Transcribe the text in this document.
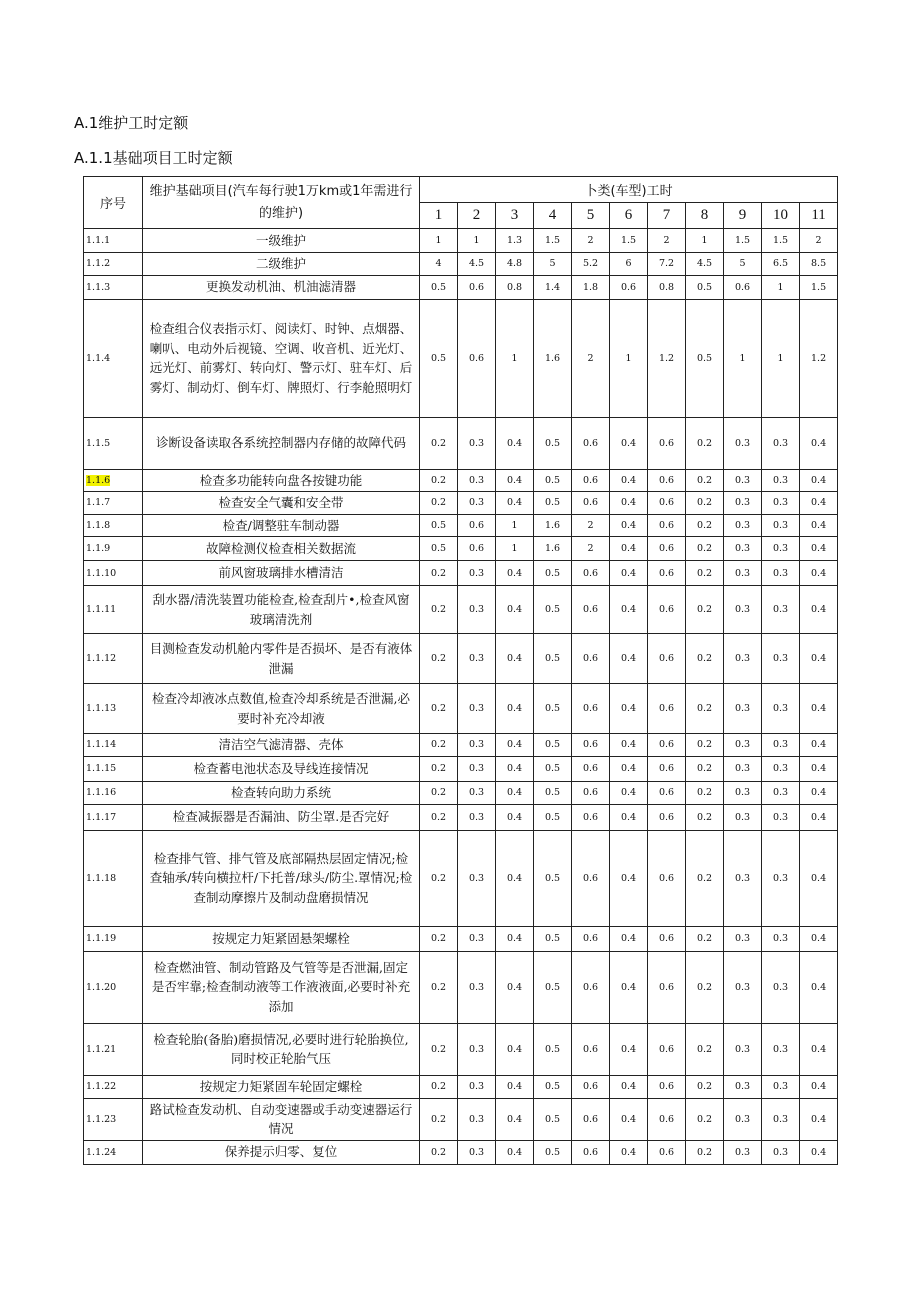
A.1维护工时定额
A.1.1基础项目工时定额
序号	维护基础项目(汽车每行驶1万km或1年需进行的维护)	卜类(车型)工时										
		1	2	3	4	5	6	7	8	9	10	11
1.1.1	一级维护	1	1	1.3	1.5	2	1.5	2	1	1.5	1.5	2
1.1.2	二级维护	4	4.5	4.8	5	5.2	6	7.2	4.5	5	6.5	8.5
1.1.3	更换发动机油、机油滤清器	0.5	0.6	0.8	1.4	1.8	0.6	0.8	0.5	0.6	1	1.5
1.1.4	检查组合仪表指示灯、阅读灯、时钟、点烟器、喇叭、电动外后视镜、空调、收音机、近光灯、远光灯、前雾灯、转向灯、警示灯、驻车灯、后雾灯、制动灯、倒车灯、牌照灯、行李舱照明灯	0.5	0.6	1	1.6	2	1	1.2	0.5	1	1	1.2
1.1.5	诊断设备读取各系统控制器内存储的故障代码	0.2	0.3	0.4	0.5	0.6	0.4	0.6	0.2	0.3	0.3	0.4
1.1.6	检查多功能转向盘各按键功能	0.2	0.3	0.4	0.5	0.6	0.4	0.6	0.2	0.3	0.3	0.4
1.1.7	检查安全气囊和安全带	0.2	0.3	0.4	0.5	0.6	0.4	0.6	0.2	0.3	0.3	0.4
1.1.8	检查/调整驻车制动器	0.5	0.6	1	1.6	2	0.4	0.6	0.2	0.3	0.3	0.4
1.1.9	故障检测仪检查相关数据流	0.5	0.6	1	1.6	2	0.4	0.6	0.2	0.3	0.3	0.4
1.1.10	前风窗玻璃排水槽清洁	0.2	0.3	0.4	0.5	0.6	0.4	0.6	0.2	0.3	0.3	0.4
1.1.11	刮水器/清洗装置功能检查,检查刮片•,检查风窗玻璃清洗剂	0.2	0.3	0.4	0.5	0.6	0.4	0.6	0.2	0.3	0.3	0.4
1.1.12	目测检查发动机舱内零件是否损坏、是否有液体泄漏	0.2	0.3	0.4	0.5	0.6	0.4	0.6	0.2	0.3	0.3	0.4
1.1.13	检查冷却液冰点数值,检查冷却系统是否泄漏,必要时补充冷却液	0.2	0.3	0.4	0.5	0.6	0.4	0.6	0.2	0.3	0.3	0.4
1.1.14	清洁空气滤清器、壳体	0.2	0.3	0.4	0.5	0.6	0.4	0.6	0.2	0.3	0.3	0.4
1.1.15	检查蓄电池状态及导线连接情况	0.2	0.3	0.4	0.5	0.6	0.4	0.6	0.2	0.3	0.3	0.4
1.1.16	检查转向助力系统	0.2	0.3	0.4	0.5	0.6	0.4	0.6	0.2	0.3	0.3	0.4
1.1.17	检查减振器是否漏油、防尘罩.是否完好	0.2	0.3	0.4	0.5	0.6	0.4	0.6	0.2	0.3	0.3	0.4
1.1.18	检查排气管、排气管及底部隔热层固定情况;检查轴承/转向横拉杆/下托普/球头/防尘.罩情况;检查制动摩擦片及制动盘磨损情况	0.2	0.3	0.4	0.5	0.6	0.4	0.6	0.2	0.3	0.3	0.4
1.1.19	按规定力矩紧固悬架螺栓	0.2	0.3	0.4	0.5	0.6	0.4	0.6	0.2	0.3	0.3	0.4
1.1.20	检查燃油管、制动管路及气管等是否泄漏,固定是否牢靠;检查制动液等工作液液面,必要时补充添加	0.2	0.3	0.4	0.5	0.6	0.4	0.6	0.2	0.3	0.3	0.4
1.1.21	检查轮胎(备胎)磨损情况,必要时进行轮胎换位,同时校正轮胎气压	0.2	0.3	0.4	0.5	0.6	0.4	0.6	0.2	0.3	0.3	0.4
1.1.22	按规定力矩紧固车轮固定螺栓	0.2	0.3	0.4	0.5	0.6	0.4	0.6	0.2	0.3	0.3	0.4
1.1.23	路试检查发动机、自动变速器或手动变速器运行情况	0.2	0.3	0.4	0.5	0.6	0.4	0.6	0.2	0.3	0.3	0.4
1.1.24	保养提示归零、复位	0.2	0.3	0.4	0.5	0.6	0.4	0.6	0.2	0.3	0.3	0.4
